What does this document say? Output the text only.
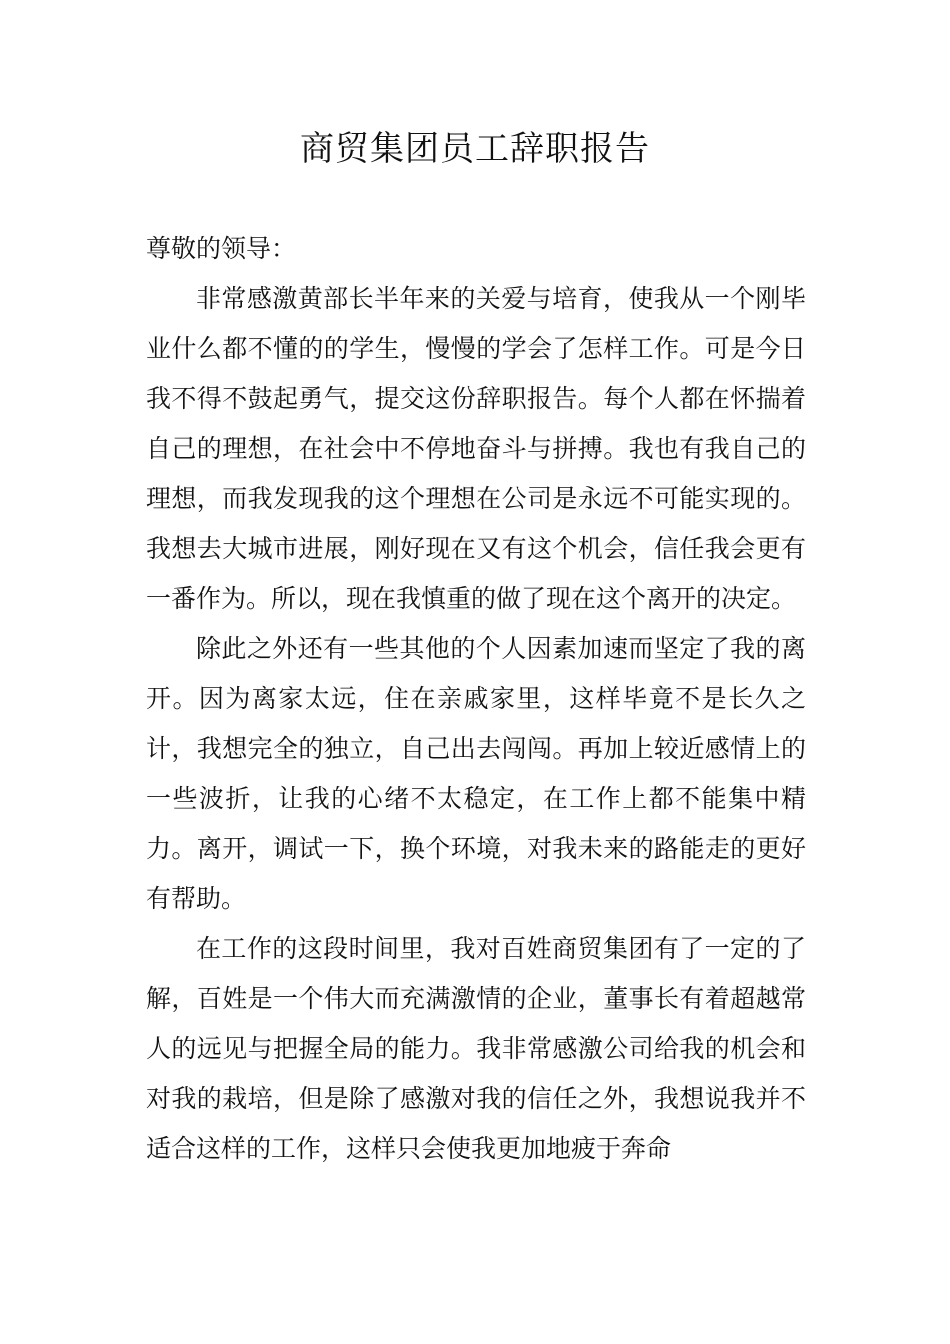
商贸集团员工辞职报告

尊敬的领导：

非常感激黄部长半年来的关爱与培育，使我从一个刚毕业什么都不懂的的学生，慢慢的学会了怎样工作。可是今日我不得不鼓起勇气，提交这份辞职报告。每个人都在怀揣着自己的理想，在社会中不停地奋斗与拼搏。我也有我自己的理想，而我发现我的这个理想在公司是永远不可能实现的。我想去大城市进展，刚好现在又有这个机会，信任我会更有一番作为。所以，现在我慎重的做了现在这个离开的决定。

除此之外还有一些其他的个人因素加速而坚定了我的离开。因为离家太远，住在亲戚家里，这样毕竟不是长久之计，我想完全的独立，自己出去闯闯。再加上较近感情上的一些波折，让我的心绪不太稳定，在工作上都不能集中精力。离开，调试一下，换个环境，对我未来的路能走的更好有帮助。

在工作的这段时间里，我对百姓商贸集团有了一定的了解，百姓是一个伟大而充满激情的企业，董事长有着超越常人的远见与把握全局的能力。我非常感激公司给我的机会和对我的栽培，但是除了感激对我的信任之外，我想说我并不适合这样的工作，这样只会使我更加地疲于奔命
